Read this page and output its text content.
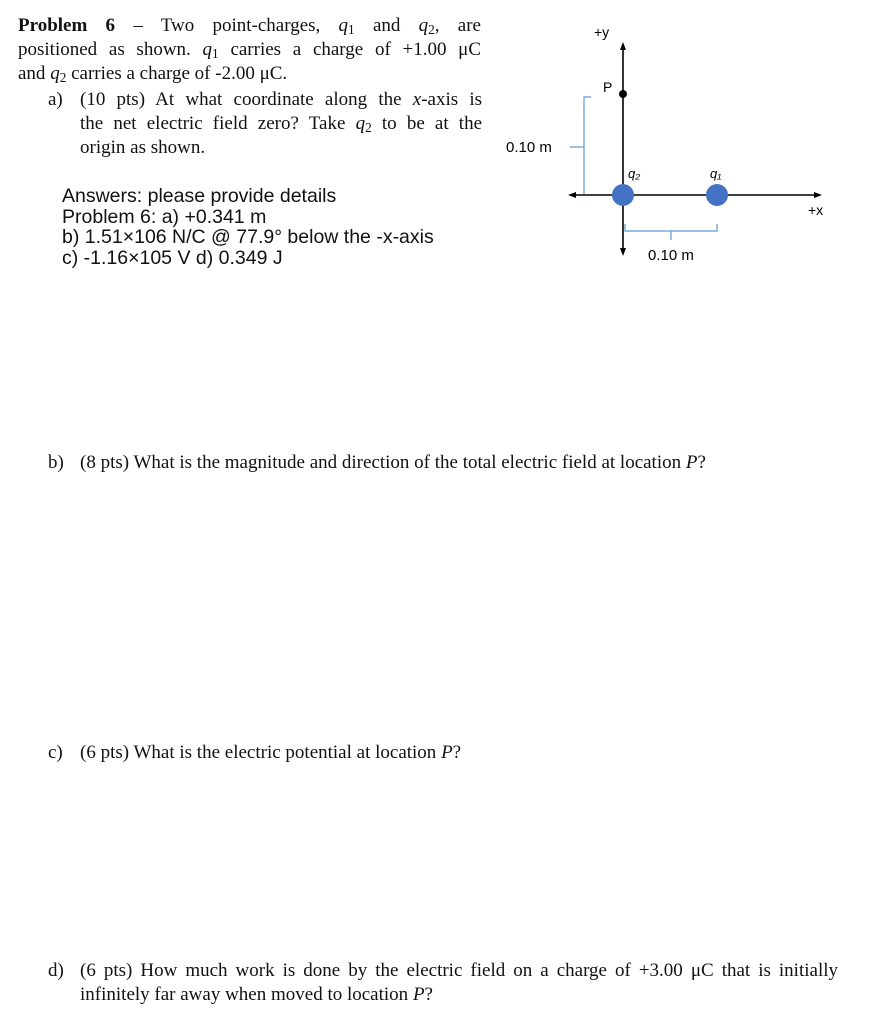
Problem 6 – Two point-charges, $q_1$ and $q_2$, are
positioned as shown. $q_1$ carries a charge of +1.00 μC
and $q_2$ carries a charge of -2.00 μC.
a) (10 pts) At what coordinate along the x-axis is
the net electric field zero? Take $q_2$ to be at the
origin as shown.
Answers: please provide details
Problem 6: a) +0.341 m
b) 1.51×106 N/C @ 77.9° below the -x-axis
c) -1.16×105 V d) 0.349 J
+y
+x
P
0.10 m
q₂	q₁
0.10 m
b) (8 pts) What is the magnitude and direction of the total electric field at location P?
c) (6 pts) What is the electric potential at location P?
d) (6 pts) How much work is done by the electric field on a charge of +3.00 μC that is initially
infinitely far away when moved to location P?
